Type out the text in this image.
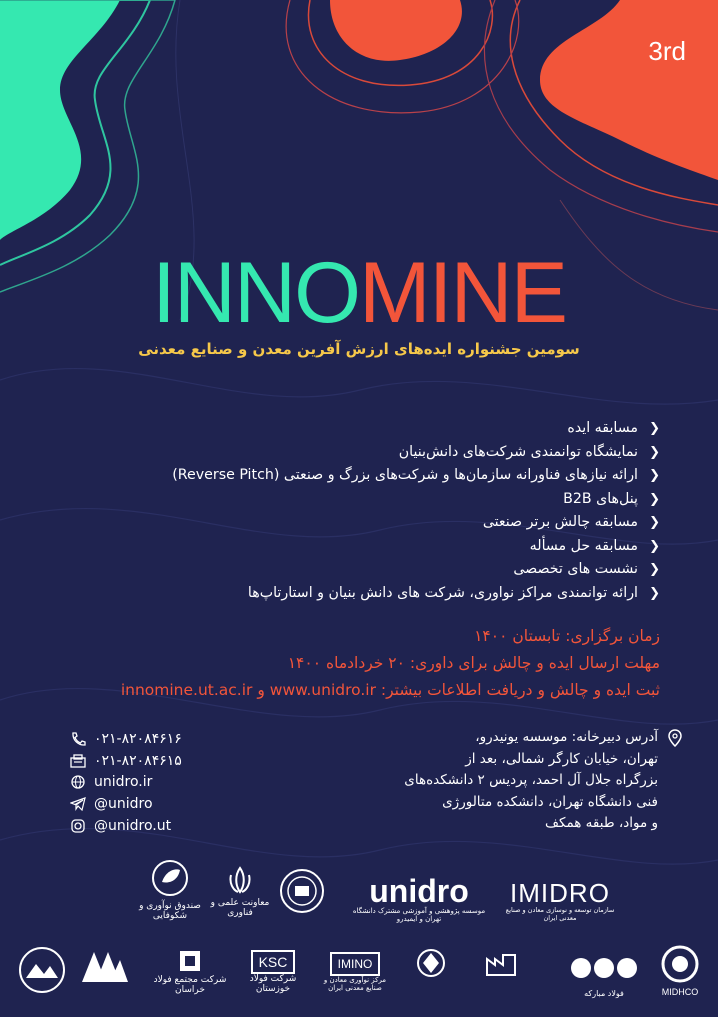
3rd
INNOMINE
سومین جشنواره ایده‌های ارزش آفرین معدن و صنایع معدنی
❮مسابقه ایده
❮نمایشگاه توانمندی شرکت‌های دانش‌بنیان
❮ارائه نیازهای فناورانه سازمان‌ها و شرکت‌های بزرگ و صنعتی (Reverse Pitch)
❮پنل‌های B2B
❮مسابقه چالش برتر صنعتی
❮مسابقه حل مسأله
❮نشست های تخصصی
❮ارائه توانمندی مراکز نواوری، شرکت های دانش بنیان و استارتاپ‌ها
زمان برگزاری: تابستان ۱۴۰۰
مهلت ارسال ایده و چالش برای داوری: ۲۰ خردادماه ۱۴۰۰
ثبت ایده و چالش و دریافت اطلاعات بیشتر: www.unidro.ir و innomine.ut.ac.ir
آدرس دبیرخانه: موسسه یونیدرو،
تهران، خیابان کارگر شمالی، بعد از
بزرگراه جلال آل احمد، پردیس ۲ دانشکده‌های
فنی دانشگاه تهران، دانشکده متالورژی
و مواد، طبقه همکف
۰۲۱-۸۲۰۸۴۶۱۶
۰۲۱-۸۲۰۸۴۶۱۵
unidro.ir
@unidro
@unidro.ut
صندوق نوآوری و شکوفایی
معاونت علمی و فناوری
unidro
موسسه پژوهشی و آموزشی مشترک دانشگاه تهران و ایمیدرو
IMIDRO
سازمان توسعه و نوسازی معادن و صنایع معدنی ایران
شرکت مجتمع فولاد خراسان
KSC
شرکت فولاد خوزستان
IMINO
مرکز نوآوری معادن و صنایع معدنی ایران
فولاد مبارکه	MIDHCO
